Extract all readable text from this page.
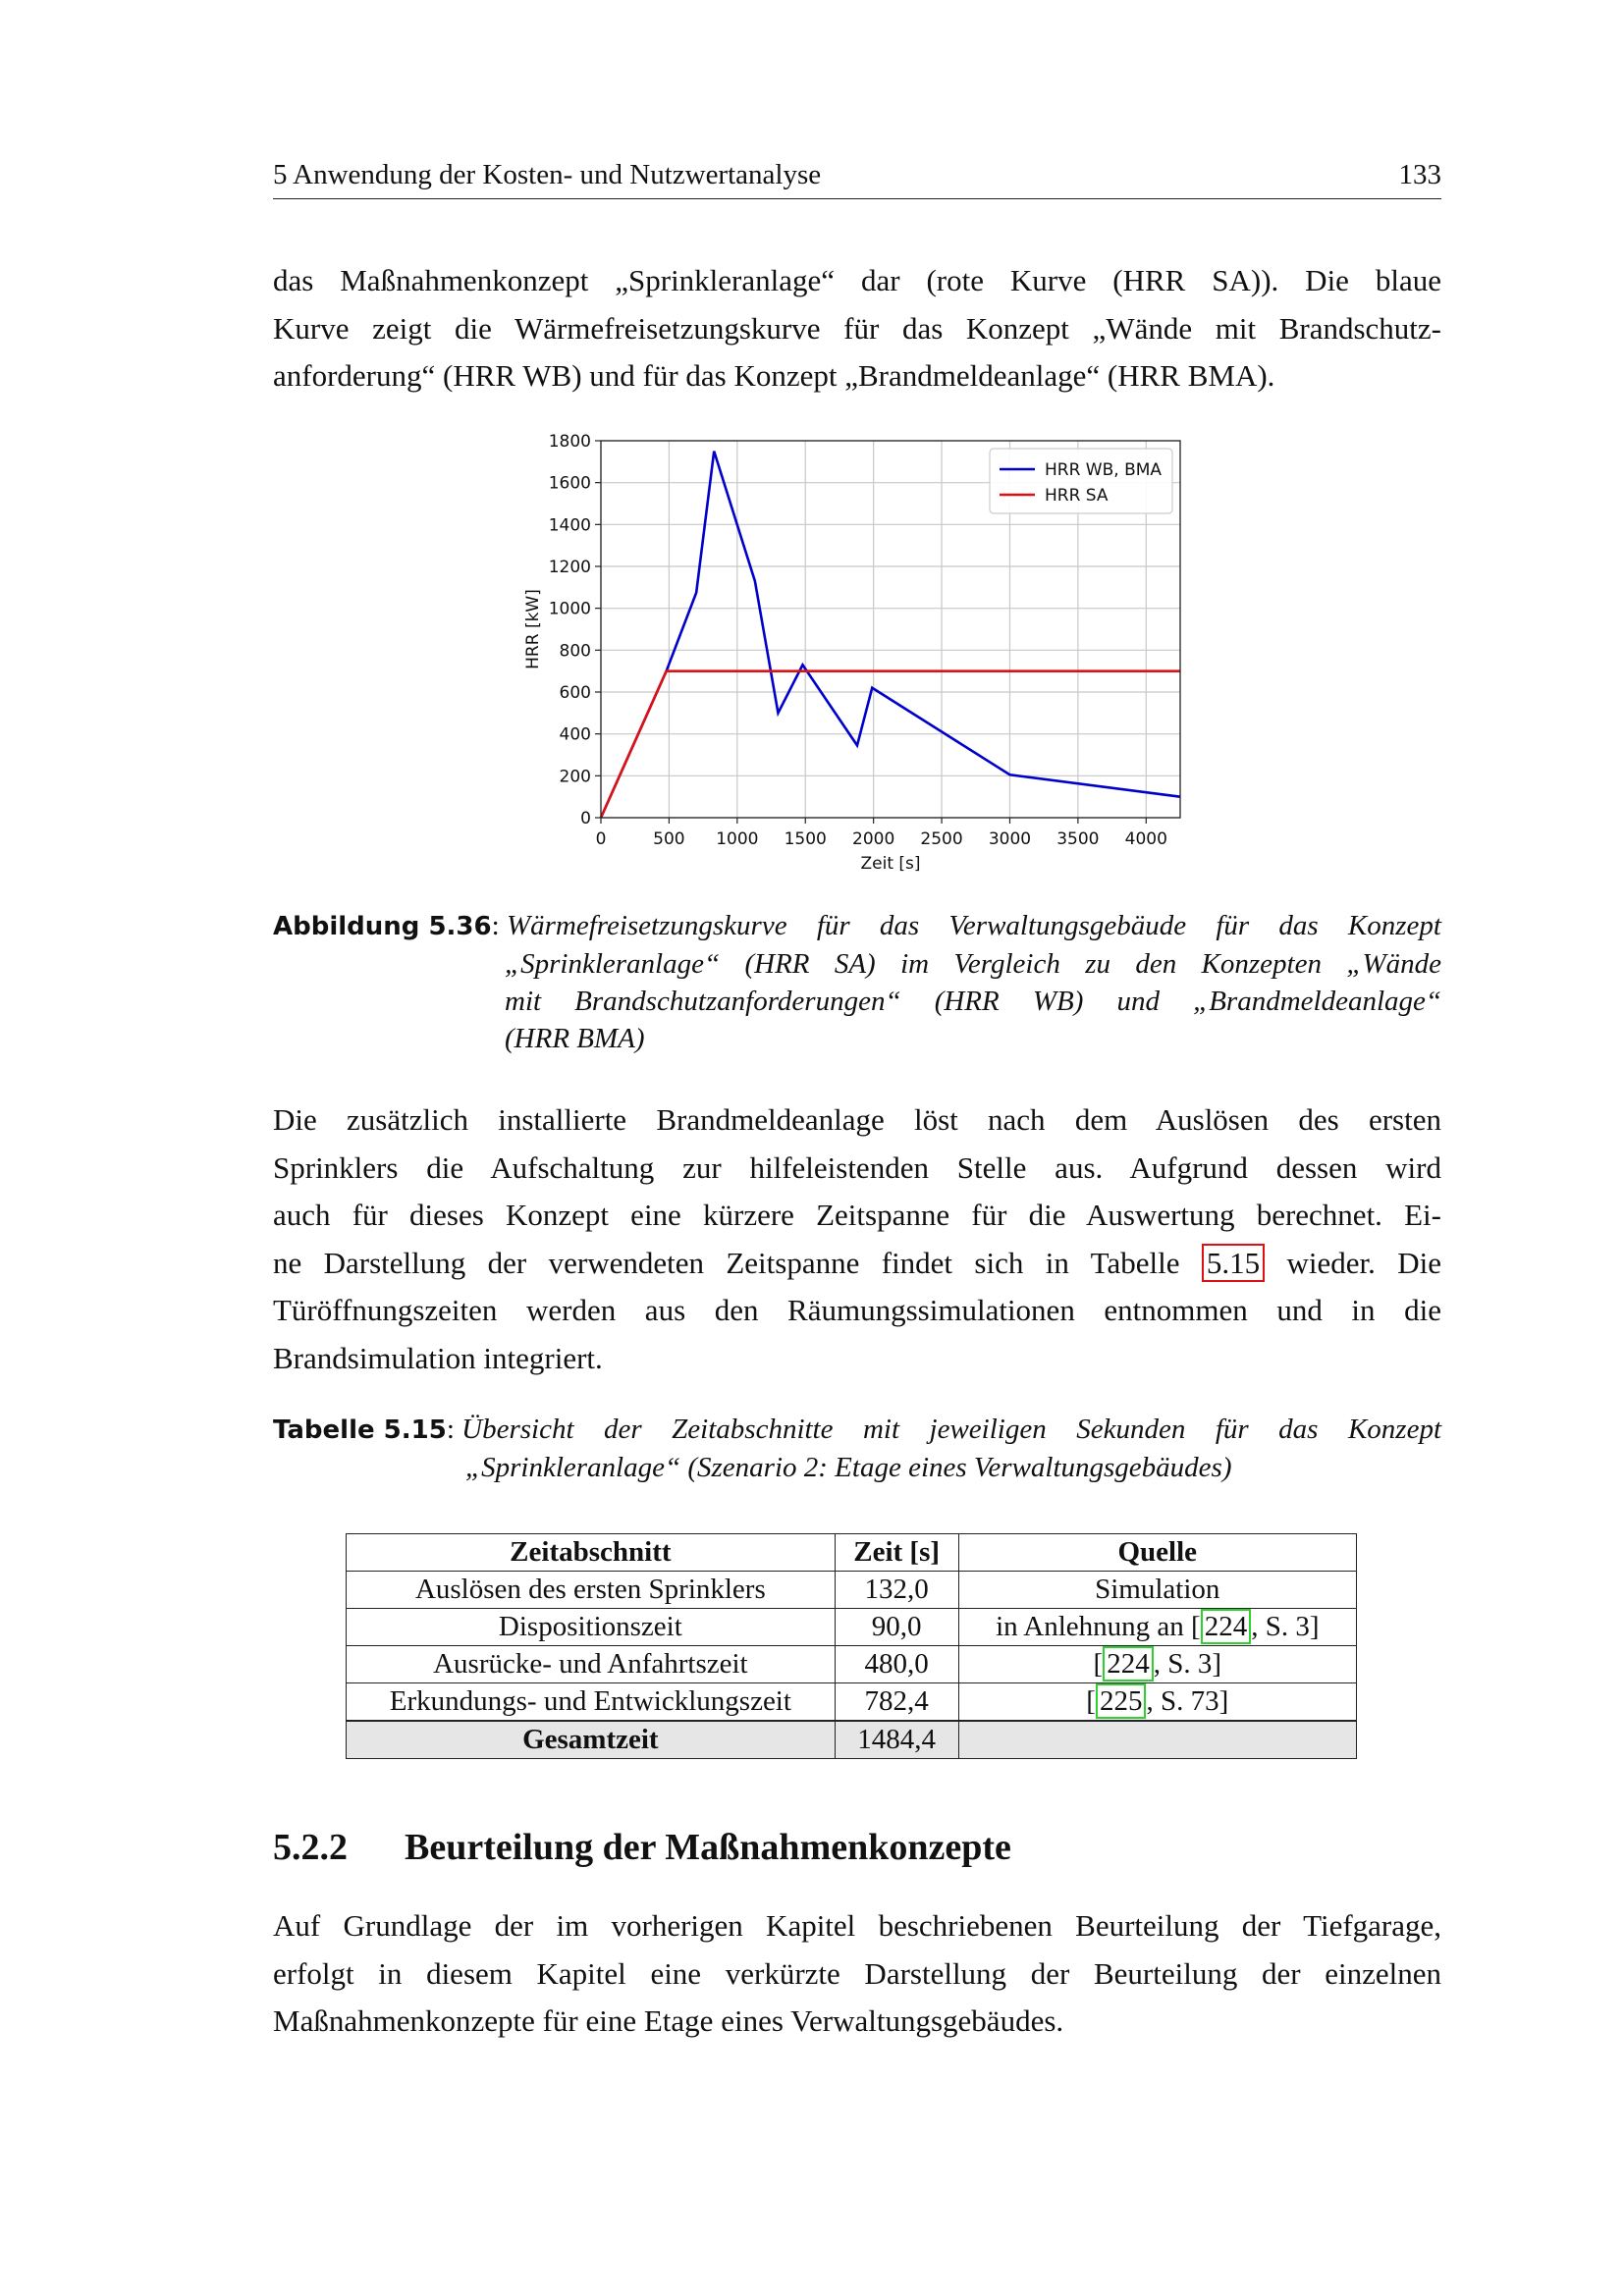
5 Anwendung der Kosten- und Nutzwertanalyse	133
das Maßnahmenkonzept „Sprinkleranlage“ dar (rote Kurve (HRR SA)). Die blaue
Kurve zeigt die Wärmefreisetzungskurve für das Konzept „Wände mit Brandschutz-
anforderung“ (HRR WB) und für das Konzept „Brandmeldeanlage“ (HRR BMA).
0	500 1000 1500 2000 2500 3000 3500 4000
0
200
400
600
800
1000
1200
1400
1600
1800
Zeit [s]
HRR [kW]
HRR WB, BMA
HRR SA
Abbildung 5.36: Wärmefreisetzungskurve für das Verwaltungsgebäude für das Konzept
„Sprinkleranlage“ (HRR SA) im Vergleich zu den Konzepten „Wände
mit Brandschutzanforderungen“ (HRR WB) und „Brandmeldeanlage“
(HRR BMA)
Die zusätzlich installierte Brandmeldeanlage löst nach dem Auslösen des ersten
Sprinklers die Aufschaltung zur hilfeleistenden Stelle aus. Aufgrund dessen wird
auch für dieses Konzept eine kürzere Zeitspanne für die Auswertung berechnet. Ei-
ne Darstellung der verwendeten Zeitspanne findet sich in Tabelle 5.15 wieder. Die
Türöffnungszeiten werden aus den Räumungssimulationen entnommen und in die
Brandsimulation integriert.
Tabelle 5.15: Übersicht der Zeitabschnitte mit jeweiligen Sekunden für das Konzept
„Sprinkleranlage“ (Szenario 2: Etage eines Verwaltungsgebäudes)
Zeitabschnitt	Zeit [s]	Quelle
Auslösen des ersten Sprinklers	132,0	Simulation
Dispositionszeit	90,0	in Anlehnung an [ 224 , S. 3]
Ausrücke- und Anfahrtszeit	480,0	[ 224 , S. 3]
Erkundungs- und Entwicklungszeit	782,4	[ 225 , S. 73]
Gesamtzeit	1484,4	
5.2.2 Beurteilung der Maßnahmenkonzepte
Auf Grundlage der im vorherigen Kapitel beschriebenen Beurteilung der Tiefgarage,
erfolgt in diesem Kapitel eine verkürzte Darstellung der Beurteilung der einzelnen
Maßnahmenkonzepte für eine Etage eines Verwaltungsgebäudes.
